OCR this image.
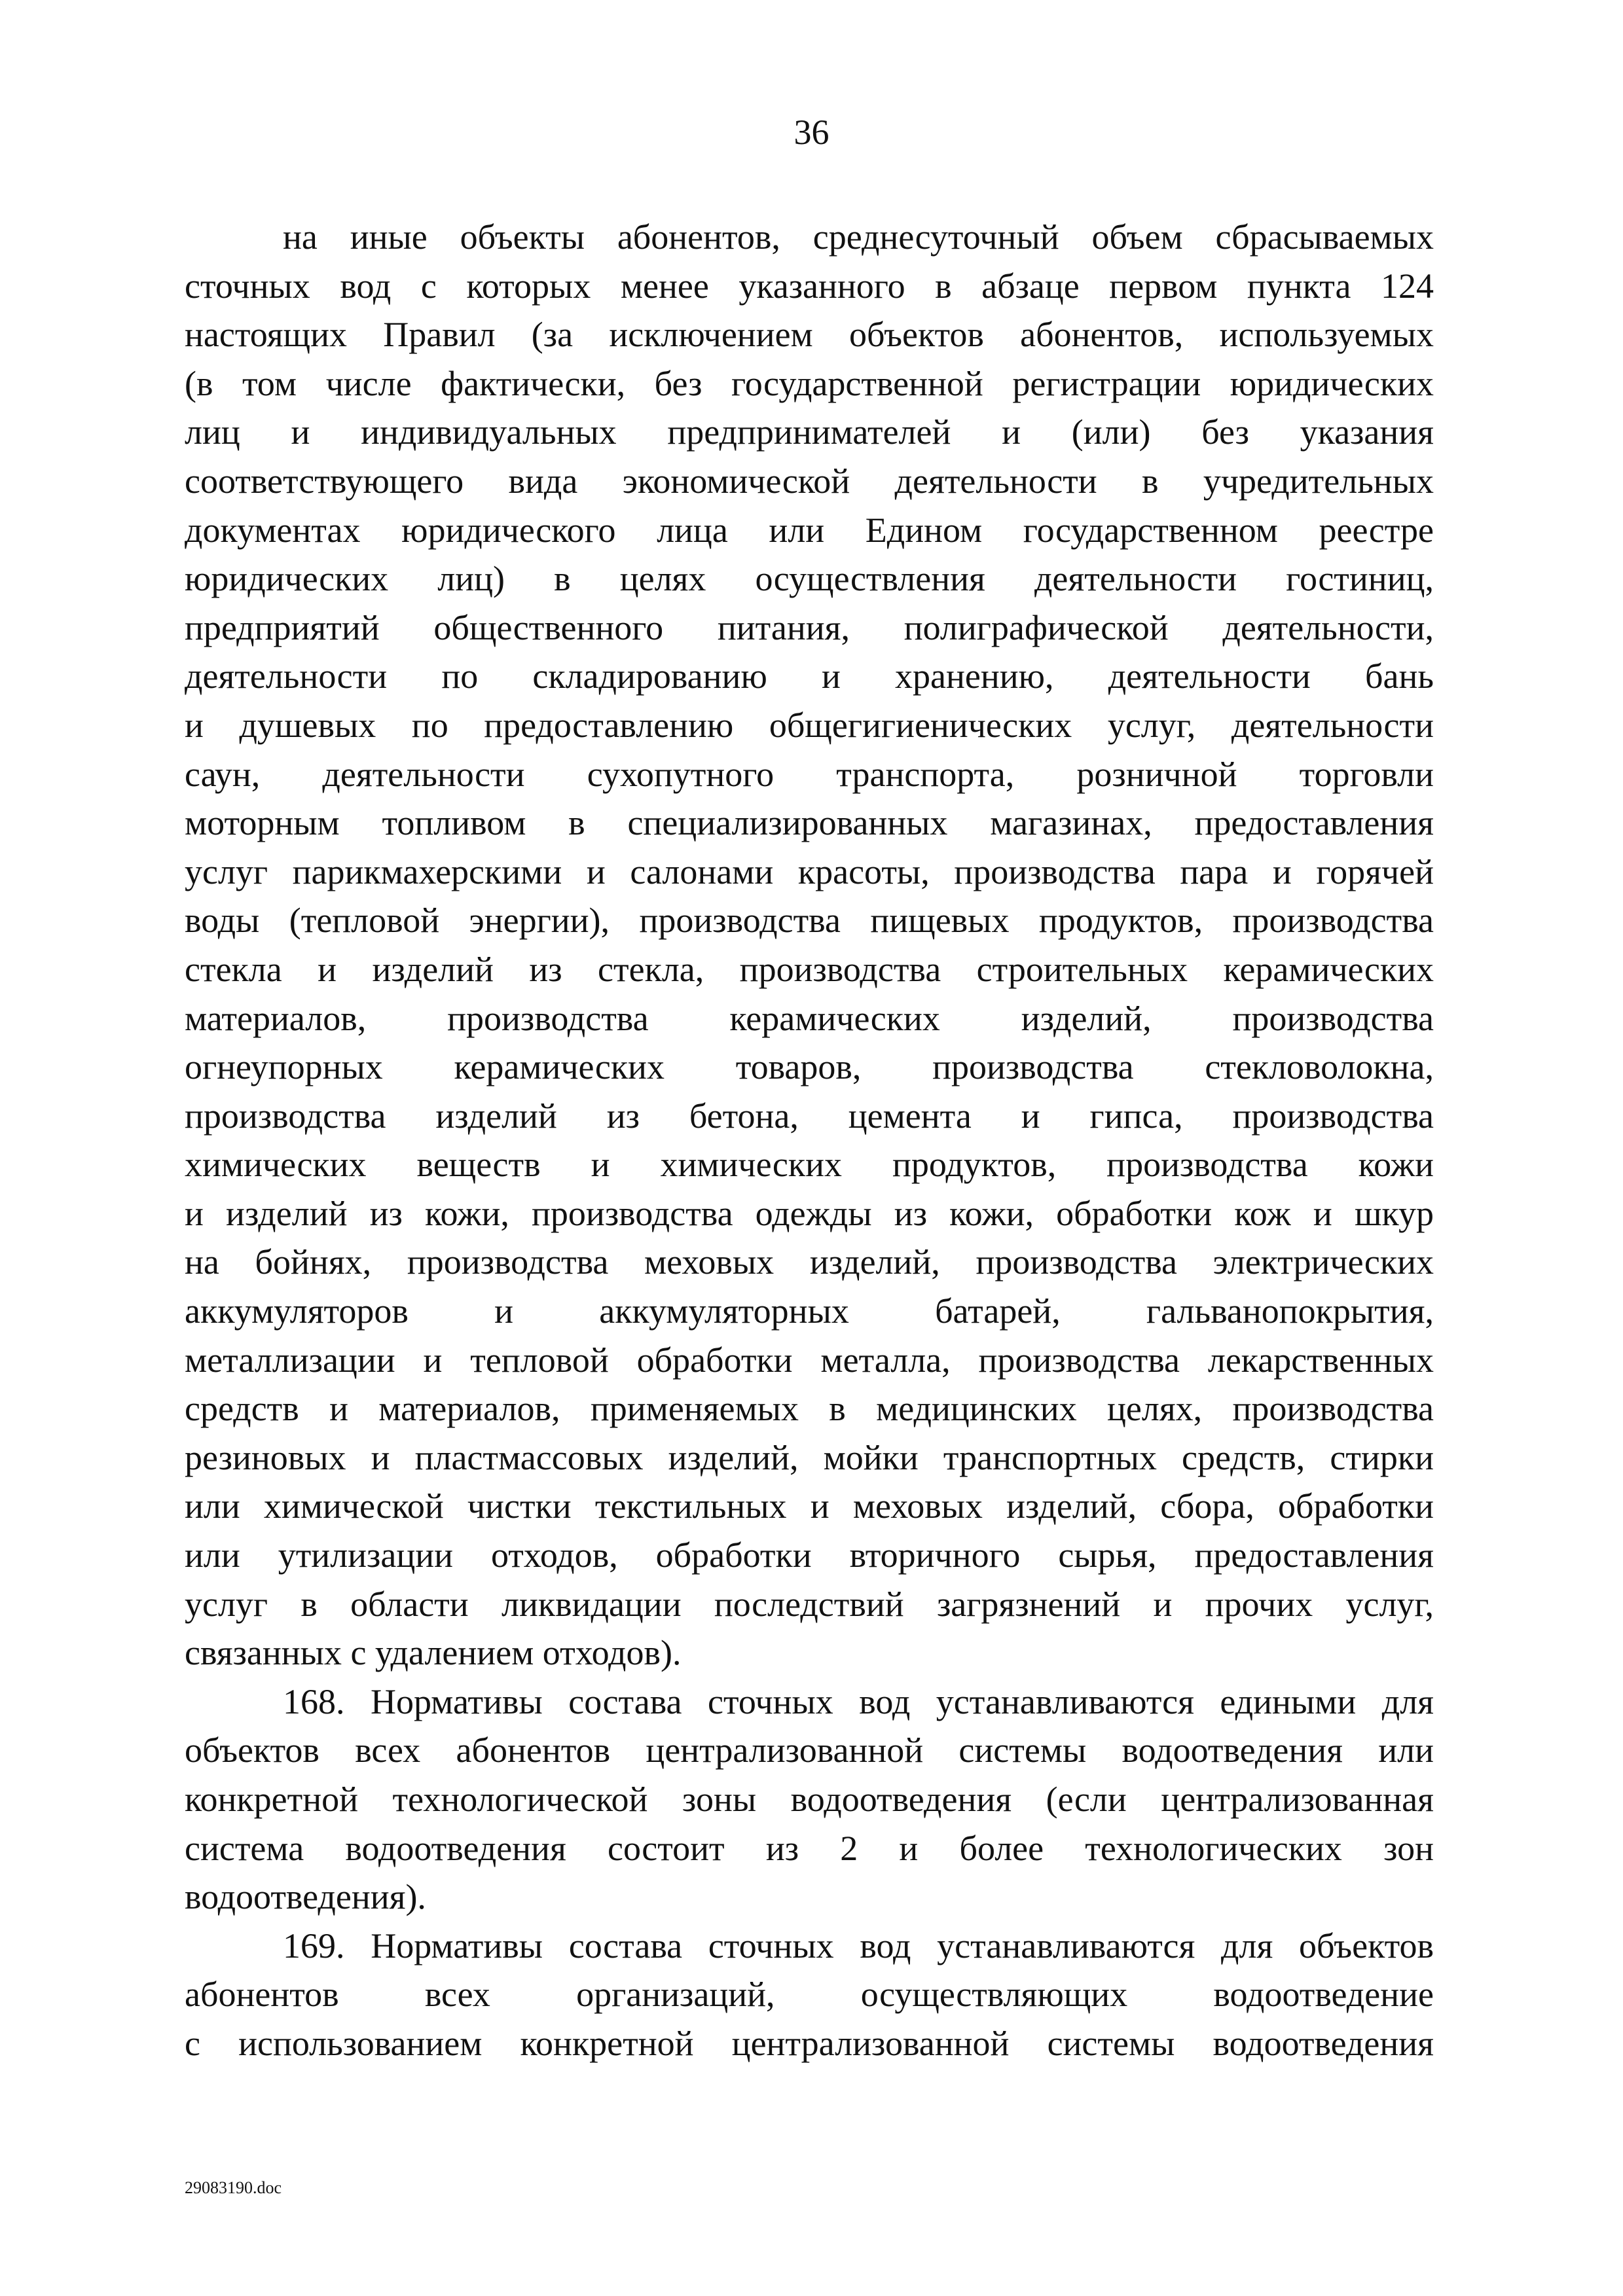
36
на иные объекты абонентов, среднесуточный объем сбрасываемых
сточных вод с которых менее указанного в абзаце первом пункта 124
настоящих Правил (за исключением объектов абонентов, используемых
(в том числе фактически, без государственной регистрации юридических
лиц и индивидуальных предпринимателей и (или) без указания
соответствующего вида экономической деятельности в учредительных
документах юридического лица или Едином государственном реестре
юридических лиц) в целях осуществления деятельности гостиниц,
предприятий общественного питания, полиграфической деятельности,
деятельности по складированию и хранению, деятельности бань
и душевых по предоставлению общегигиенических услуг, деятельности
саун, деятельности сухопутного транспорта, розничной торговли
моторным топливом в специализированных магазинах, предоставления
услуг парикмахерскими и салонами красоты, производства пара и горячей
воды (тепловой энергии), производства пищевых продуктов, производства
стекла и изделий из стекла, производства строительных керамических
материалов, производства керамических изделий, производства
огнеупорных керамических товаров, производства стекловолокна,
производства изделий из бетона, цемента и гипса, производства
химических веществ и химических продуктов, производства кожи
и изделий из кожи, производства одежды из кожи, обработки кож и шкур
на бойнях, производства меховых изделий, производства электрических
аккумуляторов и аккумуляторных батарей, гальванопокрытия,
металлизации и тепловой обработки металла, производства лекарственных
средств и материалов, применяемых в медицинских целях, производства
резиновых и пластмассовых изделий, мойки транспортных средств, стирки
или химической чистки текстильных и меховых изделий, сбора, обработки
или утилизации отходов, обработки вторичного сырья, предоставления
услуг в области ликвидации последствий загрязнений и прочих услуг,
связанных с удалением отходов).
168. Нормативы состава сточных вод устанавливаются едиными для
объектов всех абонентов централизованной системы водоотведения или
конкретной технологической зоны водоотведения (если централизованная
система водоотведения состоит из 2 и более технологических зон
водоотведения).
169. Нормативы состава сточных вод устанавливаются для объектов
абонентов всех организаций, осуществляющих водоотведение
с использованием конкретной централизованной системы водоотведения
29083190.doc
